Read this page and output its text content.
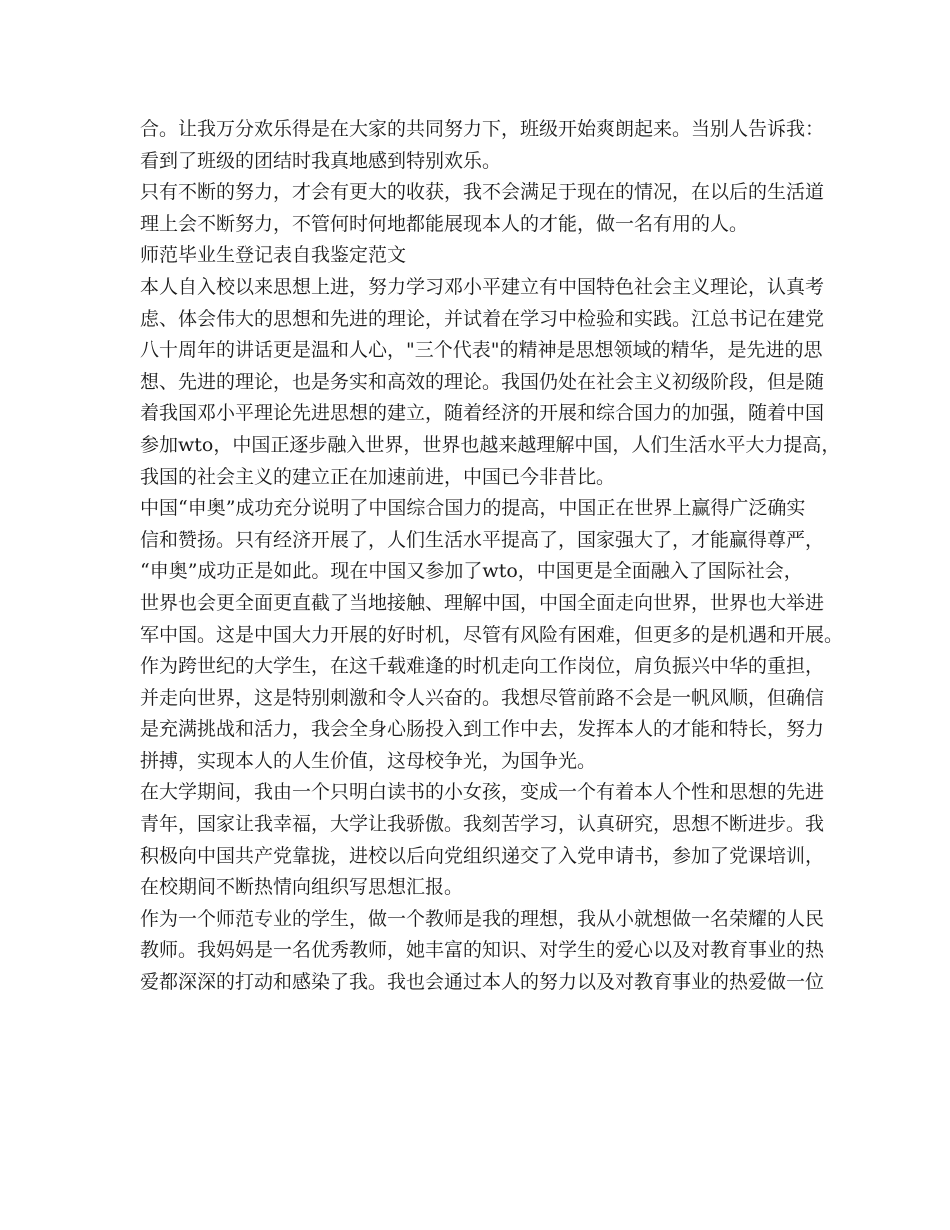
合。让我万分欢乐得是在大家的共同努力下，班级开始爽朗起来。当别人告诉我：
看到了班级的团结时我真地感到特别欢乐。
只有不断的努力，才会有更大的收获，我不会满足于现在的情况，在以后的生活道
理上会不断努力，不管何时何地都能展现本人的才能，做一名有用的人。
师范毕业生登记表自我鉴定范文
本人自入校以来思想上进，努力学习邓小平建立有中国特色社会主义理论，认真考
虑、体会伟大的思想和先进的理论，并试着在学习中检验和实践。江总书记在建党
八十周年的讲话更是温和人心，"三个代表"的精神是思想领域的精华，是先进的思
想、先进的理论，也是务实和高效的理论。我国仍处在社会主义初级阶段，但是随
着我国邓小平理论先进思想的建立，随着经济的开展和综合国力的加强，随着中国
参加wto，中国正逐步融入世界，世界也越来越理解中国，人们生活水平大力提高，
我国的社会主义的建立正在加速前进，中国已今非昔比。
中国“申奥”成功充分说明了中国综合国力的提高，中国正在世界上赢得广泛确实
信和赞扬。只有经济开展了，人们生活水平提高了，国家强大了，才能赢得尊严，
“申奥”成功正是如此。现在中国又参加了wto，中国更是全面融入了国际社会，
世界也会更全面更直截了当地接触、理解中国，中国全面走向世界，世界也大举进
军中国。这是中国大力开展的好时机，尽管有风险有困难，但更多的是机遇和开展。
作为跨世纪的大学生，在这千载难逢的时机走向工作岗位，肩负振兴中华的重担，
并走向世界，这是特别刺激和令人兴奋的。我想尽管前路不会是一帆风顺，但确信
是充满挑战和活力，我会全身心肠投入到工作中去，发挥本人的才能和特长，努力
拼搏，实现本人的人生价值，这母校争光，为国争光。
在大学期间，我由一个只明白读书的小女孩，变成一个有着本人个性和思想的先进
青年，国家让我幸福，大学让我骄傲。我刻苦学习，认真研究，思想不断进步。我
积极向中国共产党靠拢，进校以后向党组织递交了入党申请书，参加了党课培训，
在校期间不断热情向组织写思想汇报。
作为一个师范专业的学生，做一个教师是我的理想，我从小就想做一名荣耀的人民
教师。我妈妈是一名优秀教师，她丰富的知识、对学生的爱心以及对教育事业的热
爱都深深的打动和感染了我。我也会通过本人的努力以及对教育事业的热爱做一位
